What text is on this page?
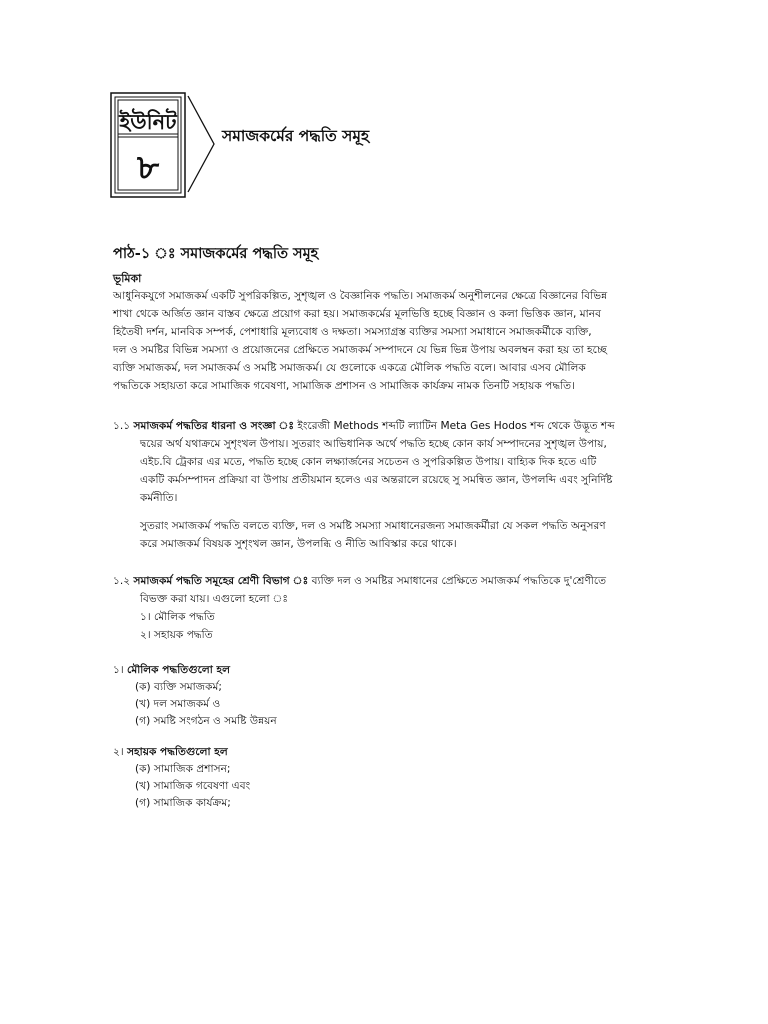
ইউনিট
৮
সমাজকর্মের পদ্ধতি সমূহ
পাঠ-১ ঃ সমাজকর্মের পদ্ধতি সমূহ
ভূমিকা
আধুনিকযুগে সমাজকর্ম একটি সুপরিকল্পিত, সুশৃঙ্খল ও বৈজ্ঞানিক পদ্ধতি। সমাজকর্ম অনুশীলনের ক্ষেত্রে বিজ্ঞানের বিভিন্ন
শাখা থেকে অর্জিত জ্ঞান বাস্তব ক্ষেত্রে প্রয়োগ করা হয়। সমাজকর্মের মূলভিত্তি হচ্ছে বিজ্ঞান ও কলা ভিত্তিক জ্ঞান, মানব
হিতৈষী দর্শন, মানবিক সম্পর্ক, পেশাধারি মূল্যবোধ ও দক্ষতা। সমস্যাগ্রস্ত ব্যক্তির সমস্যা সমাধানে সমাজকর্মীকে ব্যক্তি,
দল ও সমষ্টির বিভিন্ন সমস্যা ও প্রয়োজনের প্রেক্ষিতে সমাজকর্ম সম্পাদনে যে ভিন্ন ভিন্ন উপায় অবলম্বন করা হয় তা হচ্ছে
ব্যক্তি সমাজকর্ম, দল সমাজকর্ম ও সমষ্টি সমাজকর্ম। যে গুলোকে একত্রে মৌলিক পদ্ধতি বলে। আবার এসব মৌলিক
পদ্ধতিকে সহায়তা করে সামাজিক গবেষণা, সামাজিক প্রশাসন ও সামাজিক কার্যক্রম নামক তিনটি সহায়ক পদ্ধতি।
১.১ সমাজকর্ম পদ্ধতির ধারনা ও সংজ্ঞা ঃ ইংরেজী Methods শব্দটি ল্যাটিন Meta Ges Hodos শব্দ থেকে উদ্ভূত শব্দ
দ্বয়ের অর্থ যথাক্রমে সুশৃংখল উপায়। সুতরাং আভিধানিক অর্থে পদ্ধতি হচ্ছে কোন কার্য সম্পাদনের সুশৃঙ্খল উপায়,
এইচ.বি ট্রেকার এর মতে, পদ্ধতি হচ্ছে কোন লক্ষ্যার্জনের সচেতন ও সুপরিকল্পিত উপায়। বাহ্যিক দিক হতে এটি
একটি কর্মসম্পাদন প্রক্রিয়া বা উপায় প্রতীয়মান হলেও এর অন্তরালে রয়েছে সু সমন্বিত জ্ঞান, উপলব্দি এবং সুনির্দিষ্ট
কর্মনীতি।
সুতরাং সমাজকর্ম পদ্ধতি বলতে ব্যক্তি, দল ও সমষ্টি সমস্যা সমাধানেরজন্য সমাজকর্মীরা যে সকল পদ্ধতি অনুসরণ
করে সমাজকর্ম বিষয়ক সুশৃংখল জ্ঞান, উপলব্ধি ও নীতি আবিস্কার করে থাকে।
১.২ সমাজকর্ম পদ্ধতি সমূহের শ্রেণী বিভাগ ঃ ব্যক্তি দল ও সমষ্টির সমাধানের প্রেক্ষিতে সমাজকর্ম পদ্ধতিকে দু'শ্রেণীতে
বিভক্ত করা যায়। এগুলো হলো ঃ
১। মৌলিক পদ্ধতি
২। সহায়ক পদ্ধতি
১। মৌলিক পদ্ধতিগুলো হল
(ক) ব্যক্তি সমাজকর্ম;
(খ) দল সমাজকর্ম ও
(গ) সমষ্টি সংগঠন ও সমষ্টি উন্নয়ন
২। সহায়ক পদ্ধতিগুলো হল
(ক) সামাজিক প্রশাসন;
(খ) সামাজিক গবেষণা এবং
(গ) সামাজিক কার্যক্রম;
